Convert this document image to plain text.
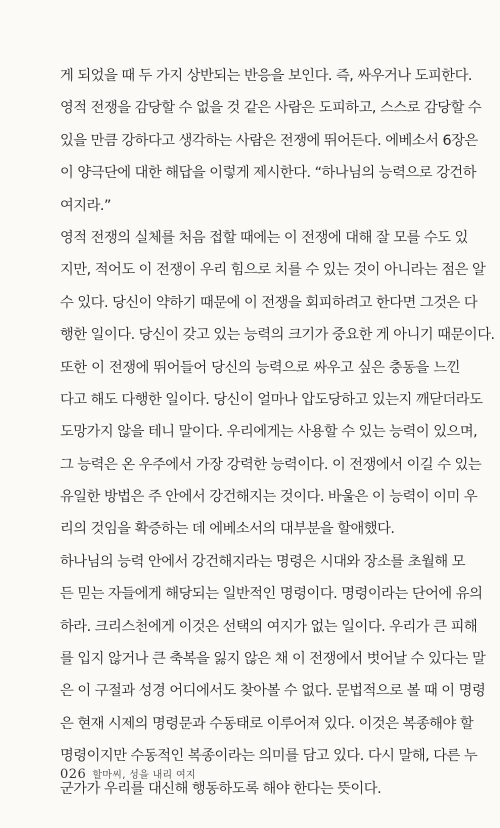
게 되었을 때 두 가지 상반되는 반응을 보인다. 즉, 싸우거나 도피한다.
영적 전쟁을 감당할 수 없을 것 같은 사람은 도피하고, 스스로 감당할 수
있을 만큼 강하다고 생각하는 사람은 전쟁에 뛰어든다. 에베소서 6장은
이 양극단에 대한 해답을 이렇게 제시한다. “하나님의 능력으로 강건하
여지라.”
영적 전쟁의 실체를 처음 접할 때에는 이 전쟁에 대해 잘 모를 수도 있
지만, 적어도 이 전쟁이 우리 힘으로 치를 수 있는 것이 아니라는 점은 알
수 있다. 당신이 약하기 때문에 이 전쟁을 회피하려고 한다면 그것은 다
행한 일이다. 당신이 갖고 있는 능력의 크기가 중요한 게 아니기 때문이다.
또한 이 전쟁에 뛰어들어 당신의 능력으로 싸우고 싶은 충동을 느낀
다고 해도 다행한 일이다. 당신이 얼마나 압도당하고 있는지 깨닫더라도
도망가지 않을 테니 말이다. 우리에게는 사용할 수 있는 능력이 있으며,
그 능력은 온 우주에서 가장 강력한 능력이다. 이 전쟁에서 이길 수 있는
유일한 방법은 주 안에서 강건해지는 것이다. 바울은 이 능력이 이미 우
리의 것임을 확증하는 데 에베소서의 대부분을 할애했다.
하나님의 능력 안에서 강건해지라는 명령은 시대와 장소를 초월해 모
든 믿는 자들에게 해당되는 일반적인 명령이다. 명령이라는 단어에 유의
하라. 크리스천에게 이것은 선택의 여지가 없는 일이다. 우리가 큰 피해
를 입지 않거나 큰 축복을 잃지 않은 채 이 전쟁에서 벗어날 수 있다는 말
은 이 구절과 성경 어디에서도 찾아볼 수 없다. 문법적으로 볼 때 이 명령
은 현재 시제의 명령문과 수동태로 이루어져 있다. 이것은 복종해야 할
명령이지만 수동적인 복종이라는 의미를 담고 있다. 다시 말해, 다른 누
군가가 우리를 대신해 행동하도록 해야 한다는 뜻이다.
026 할마씨, 성을 내리 여지
